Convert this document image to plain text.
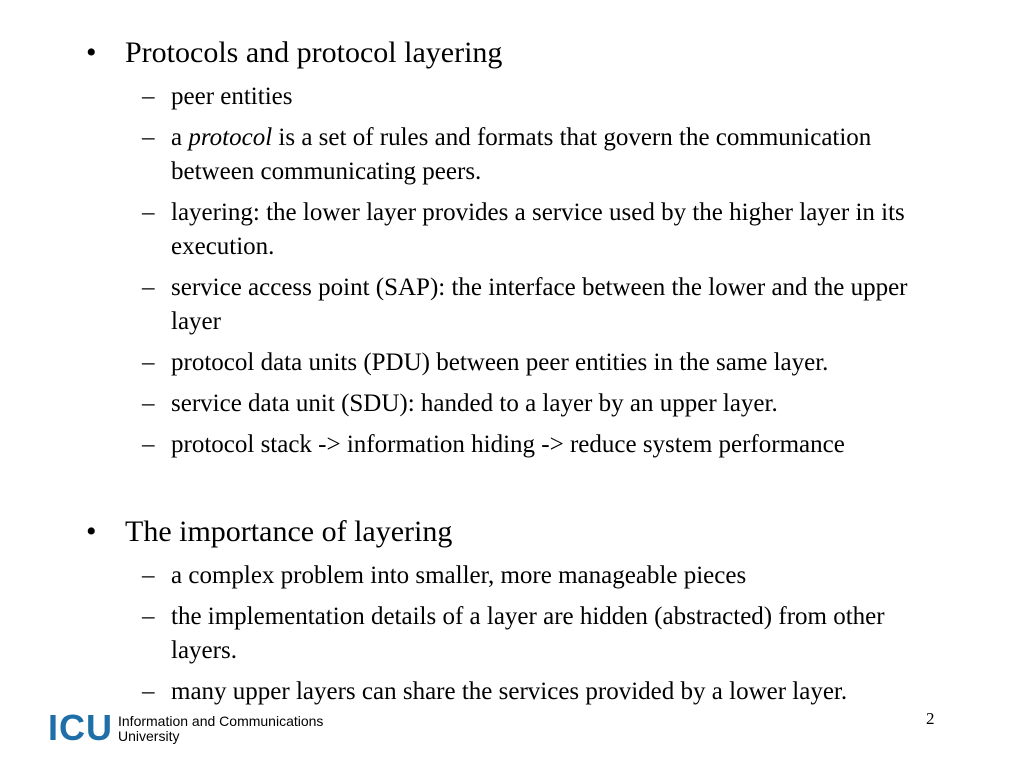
• Protocols and protocol layering
– peer entities
– a protocol is a set of rules and formats that govern the communication between communicating peers.
– layering: the lower layer provides a service used by the higher layer in its execution.
– service access point (SAP): the interface between the lower and the upper layer
– protocol data units (PDU) between peer entities in the same layer.
– service data unit (SDU): handed to a layer by an upper layer.
– protocol stack -> information hiding -> reduce system performance
• The importance of layering
– a complex problem into smaller, more manageable pieces
– the implementation details of a layer are hidden (abstracted) from other layers.
– many upper layers can share the services provided by a lower layer.
ICU Information and Communications
University
2
